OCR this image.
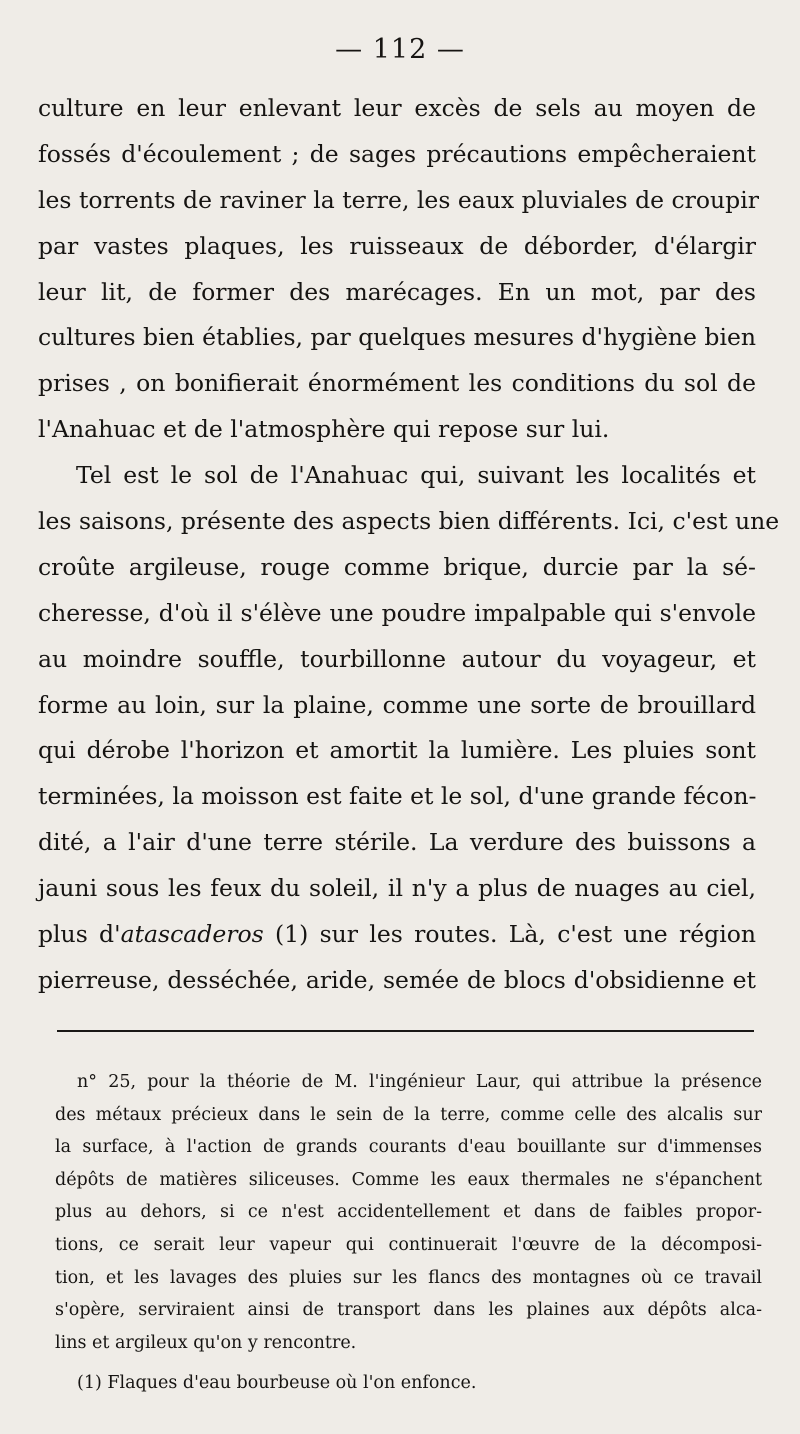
— 112 —
culture en leur enlevant leur excès de sels au moyen de
fossés d'écoulement ; de sages précautions empêcheraient
les torrents de raviner la terre, les eaux pluviales de croupir
par vastes plaques, les ruisseaux de déborder, d'élargir
leur lit, de former des marécages. En un mot, par des
cultures bien établies, par quelques mesures d'hygiène bien
prises , on bonifierait énormément les conditions du sol de
l'Anahuac et de l'atmosphère qui repose sur lui.
Tel est le sol de l'Anahuac qui, suivant les localités et
les saisons, présente des aspects bien différents. Ici, c'est une
croûte argileuse, rouge comme brique, durcie par la sé-
cheresse, d'où il s'élève une poudre impalpable qui s'envole
au moindre souffle, tourbillonne autour du voyageur, et
forme au loin, sur la plaine, comme une sorte de brouillard
qui dérobe l'horizon et amortit la lumière. Les pluies sont
terminées, la moisson est faite et le sol, d'une grande fécon-
dité, a l'air d'une terre stérile. La verdure des buissons a
jauni sous les feux du soleil, il n'y a plus de nuages au ciel,
plus d'atascaderos (1) sur les routes. Là, c'est une région
pierreuse, desséchée, aride, semée de blocs d'obsidienne et
n° 25, pour la théorie de M. l'ingénieur Laur, qui attribue la présence
des métaux précieux dans le sein de la terre, comme celle des alcalis sur
la surface, à l'action de grands courants d'eau bouillante sur d'immenses
dépôts de matières siliceuses. Comme les eaux thermales ne s'épanchent
plus au dehors, si ce n'est accidentellement et dans de faibles propor-
tions, ce serait leur vapeur qui continuerait l'œuvre de la décomposi-
tion, et les lavages des pluies sur les flancs des montagnes où ce travail
s'opère, serviraient ainsi de transport dans les plaines aux dépôts alca-
lins et argileux qu'on y rencontre.
(1) Flaques d'eau bourbeuse où l'on enfonce.
